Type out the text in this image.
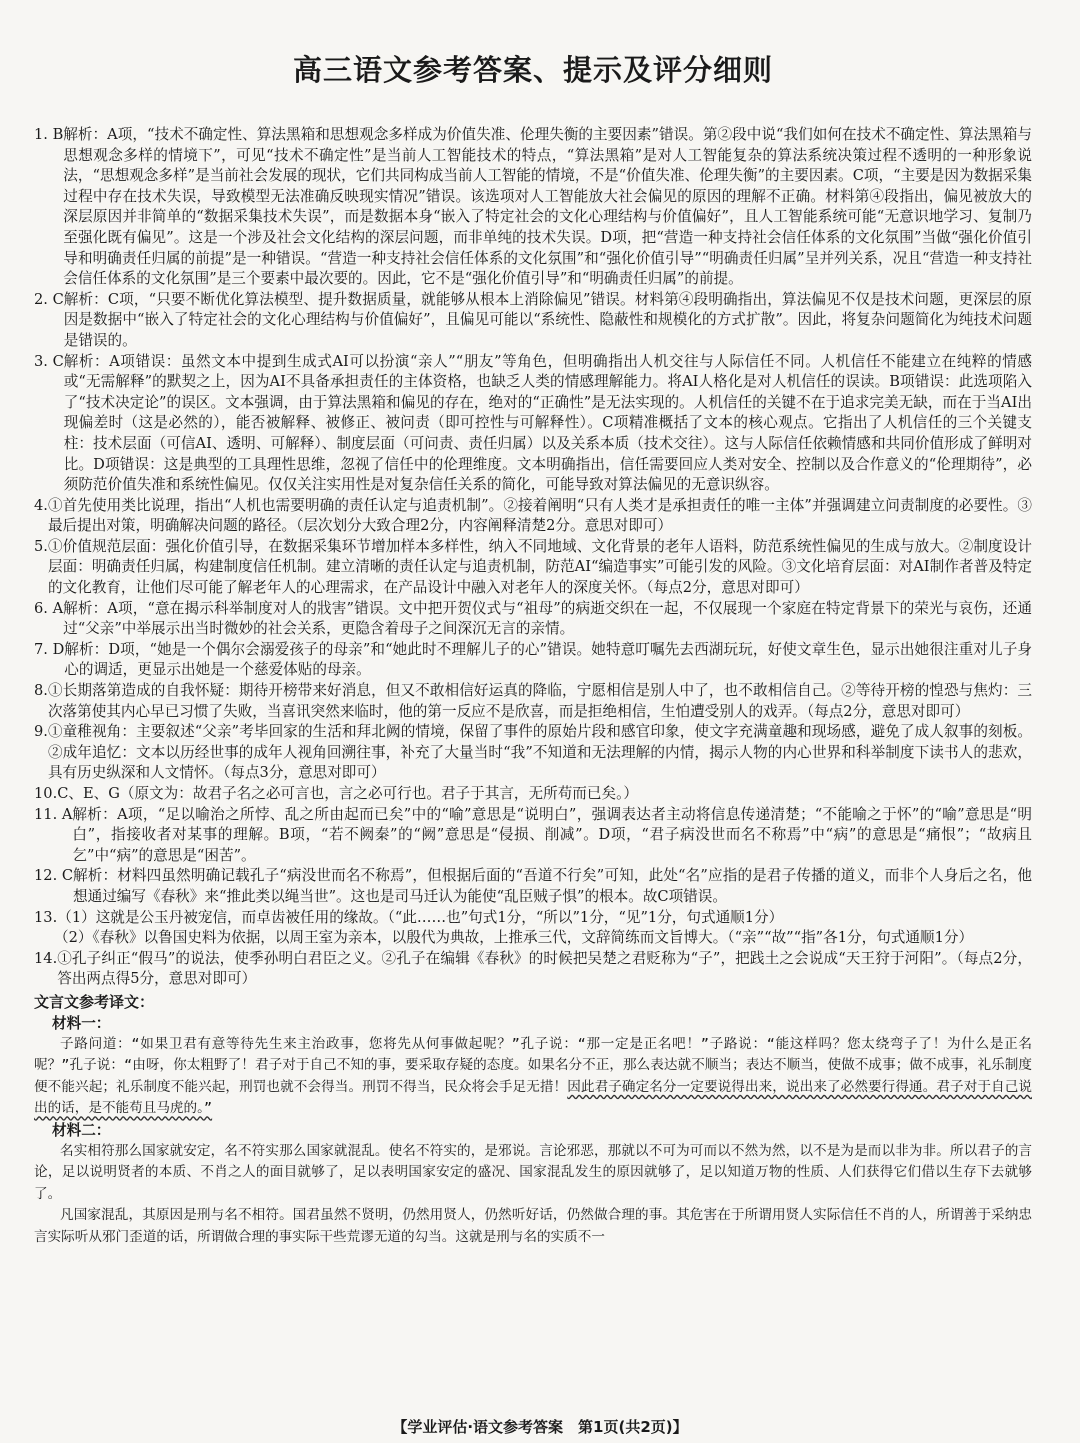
高三语文参考答案、提示及评分细则
1. B 解析：A项，“技术不确定性、算法黑箱和思想观念多样成为价值失准、伦理失衡的主要因素”错误。第②段中说“我们如何在技术不确定性、算法黑箱与思想观念多样的情境下”，可见“技术不确定性”是当前人工智能技术的特点，“算法黑箱”是对人工智能复杂的算法系统决策过程不透明的一种形象说法，“思想观念多样”是当前社会发展的现状，它们共同构成当前人工智能的情境，不是“价值失准、伦理失衡”的主要因素。C项，“主要是因为数据采集过程中存在技术失误，导致模型无法准确反映现实情况”错误。该选项对人工智能放大社会偏见的原因的理解不正确。材料第④段指出，偏见被放大的深层原因并非简单的“数据采集技术失误”，而是数据本身“嵌入了特定社会的文化心理结构与价值偏好”，且人工智能系统可能“无意识地学习、复制乃至强化既有偏见”。这是一个涉及社会文化结构的深层问题，而非单纯的技术失误。D项，把“营造一种支持社会信任体系的文化氛围”当做“强化价值引导和明确责任归属的前提”是一种错误。“营造一种支持社会信任体系的文化氛围”和“强化价值引导”“明确责任归属”呈并列关系，况且“营造一种支持社会信任体系的文化氛围”是三个要素中最次要的。因此，它不是“强化价值引导”和“明确责任归属”的前提。
2. C 解析：C项，“只要不断优化算法模型、提升数据质量，就能够从根本上消除偏见”错误。材料第④段明确指出，算法偏见不仅是技术问题，更深层的原因是数据中“嵌入了特定社会的文化心理结构与价值偏好”，且偏见可能以“系统性、隐蔽性和规模化的方式扩散”。因此，将复杂问题简化为纯技术问题是错误的。
3. C 解析：A项错误：虽然文本中提到生成式AI可以扮演“亲人”“朋友”等角色，但明确指出人机交往与人际信任不同。人机信任不能建立在纯粹的情感或“无需解释”的默契之上，因为AI不具备承担责任的主体资格，也缺乏人类的情感理解能力。将AI人格化是对人机信任的误读。B项错误：此选项陷入了“技术决定论”的误区。文本强调，由于算法黑箱和偏见的存在，绝对的“正确性”是无法实现的。人机信任的关键不在于追求完美无缺，而在于当AI出现偏差时（这是必然的），能否被解释、被修正、被问责（即可控性与可解释性）。C项精准概括了文本的核心观点。它指出了人机信任的三个关键支柱：技术层面（可信AI、透明、可解释）、制度层面（可问责、责任归属）以及关系本质（技术交往）。这与人际信任依赖情感和共同价值形成了鲜明对比。D项错误：这是典型的工具理性思维，忽视了信任中的伦理维度。文本明确指出，信任需要回应人类对安全、控制以及合作意义的“伦理期待”，必须防范价值失准和系统性偏见。仅仅关注实用性是对复杂信任关系的简化，可能导致对算法偏见的无意识纵容。
4. ①首先使用类比说理，指出“人机也需要明确的责任认定与追责机制”。②接着阐明“只有人类才是承担责任的唯一主体”并强调建立问责制度的必要性。③最后提出对策，明确解决问题的路径。（层次划分大致合理2分，内容阐释清楚2分。意思对即可）
5. ①价值规范层面：强化价值引导，在数据采集环节增加样本多样性，纳入不同地域、文化背景的老年人语料，防范系统性偏见的生成与放大。②制度设计层面：明确责任归属，构建制度信任机制。建立清晰的责任认定与追责机制，防范AI“编造事实”可能引发的风险。③文化培育层面：对AI制作者普及特定的文化教育，让他们尽可能了解老年人的心理需求，在产品设计中融入对老年人的深度关怀。（每点2分，意思对即可）
6. A 解析：A项，“意在揭示科举制度对人的戕害”错误。文中把开贺仪式与“祖母”的病逝交织在一起，不仅展现一个家庭在特定背景下的荣光与哀伤，还通过“父亲”中举展示出当时微妙的社会关系，更隐含着母子之间深沉无言的亲情。
7. D 解析：D项，“她是一个偶尔会溺爱孩子的母亲”和“她此时不理解儿子的心”错误。她特意叮嘱先去西湖玩玩，好使文章生色，显示出她很注重对儿子身心的调适，更显示出她是一个慈爱体贴的母亲。
8. ①长期落第造成的自我怀疑：期待开榜带来好消息，但又不敢相信好运真的降临，宁愿相信是别人中了，也不敢相信自己。②等待开榜的惶恐与焦灼：三次落第使其内心早已习惯了失败，当喜讯突然来临时，他的第一反应不是欣喜，而是拒绝相信，生怕遭受别人的戏弄。（每点2分，意思对即可）
9. ①童稚视角：主要叙述“父亲”考毕回家的生活和拜北阙的情境，保留了事件的原始片段和感官印象，使文字充满童趣和现场感，避免了成人叙事的刻板。②成年追忆：文本以历经世事的成年人视角回溯往事，补充了大量当时“我”不知道和无法理解的内情，揭示人物的内心世界和科举制度下读书人的悲欢，具有历史纵深和人文情怀。（每点3分，意思对即可）
10. C、E、G（原文为：故君子名之必可言也，言之必可行也。君子于其言，无所苟而已矣。）
11. A 解析：A项，“足以喻治之所悖、乱之所由起而已矣”中的“喻”意思是“说明白”，强调表达者主动将信息传递清楚；“不能喻之于怀”的“喻”意思是“明白”，指接收者对某事的理解。B项，“若不阙秦”的“阙”意思是“侵损、削减”。D项，“君子病没世而名不称焉”中“病”的意思是“痛恨”；“故病且乞”中“病”的意思是“困苦”。
12. C 解析：材料四虽然明确记载孔子“病没世而名不称焉”，但根据后面的“吾道不行矣”可知，此处“名”应指的是君子传播的道义，而非个人身后之名，他想通过编写《春秋》来“推此类以绳当世”。这也是司马迁认为能使“乱臣贼子惧”的根本。故C项错误。
13. （1）这就是公玉丹被宠信，而卓齿被任用的缘故。（“此……也”句式1分，“所以”1分，“见”1分，句式通顺1分）
（2）《春秋》以鲁国史料为依据，以周王室为亲本，以殷代为典故，上推承三代，文辞简练而文旨博大。（“亲”“故”“指”各1分，句式通顺1分）
14. ①孔子纠正“假马”的说法，使季孙明白君臣之义。②孔子在编辑《春秋》的时候把吴楚之君贬称为“子”，把践土之会说成“天王狩于河阳”。（每点2分，答出两点得5分，意思对即可）
文言文参考译文：
材料一：

子路问道：“如果卫君有意等待先生来主治政事，您将先从何事做起呢？”孔子说：“那一定是正名吧！”子路说：“能这样吗？您太绕弯子了！为什么是正名呢？”孔子说：“由呀，你太粗野了！君子对于自己不知的事，要采取存疑的态度。如果名分不正，那么表达就不顺当；表达不顺当，使做不成事；做不成事，礼乐制度便不能兴起；礼乐制度不能兴起，刑罚也就不会得当。刑罚不得当，民众将会手足无措！因此君子确定名分一定要说得出来，说出来了必然要行得通。君子对于自己说出的话，是不能苟且马虎的。”

材料二：

名实相符那么国家就安定，名不符实那么国家就混乱。使名不符实的，是邪说。言论邪恶，那就以不可为可而以不然为然，以不是为是而以非为非。所以君子的言论，足以说明贤者的本质、不肖之人的面目就够了，足以表明国家安定的盛况、国家混乱发生的原因就够了，足以知道万物的性质、人们获得它们借以生存下去就够了。

凡国家混乱，其原因是刑与名不相符。国君虽然不贤明，仍然用贤人，仍然听好话，仍然做合理的事。其危害在于所谓用贤人实际信任不肖的人，所谓善于采纳忠言实际听从邪门歪道的话，所谓做合理的事实际干些荒谬无道的勾当。这就是刑与名的实质不一

【学业评估·语文参考答案　第1页(共2页)】
